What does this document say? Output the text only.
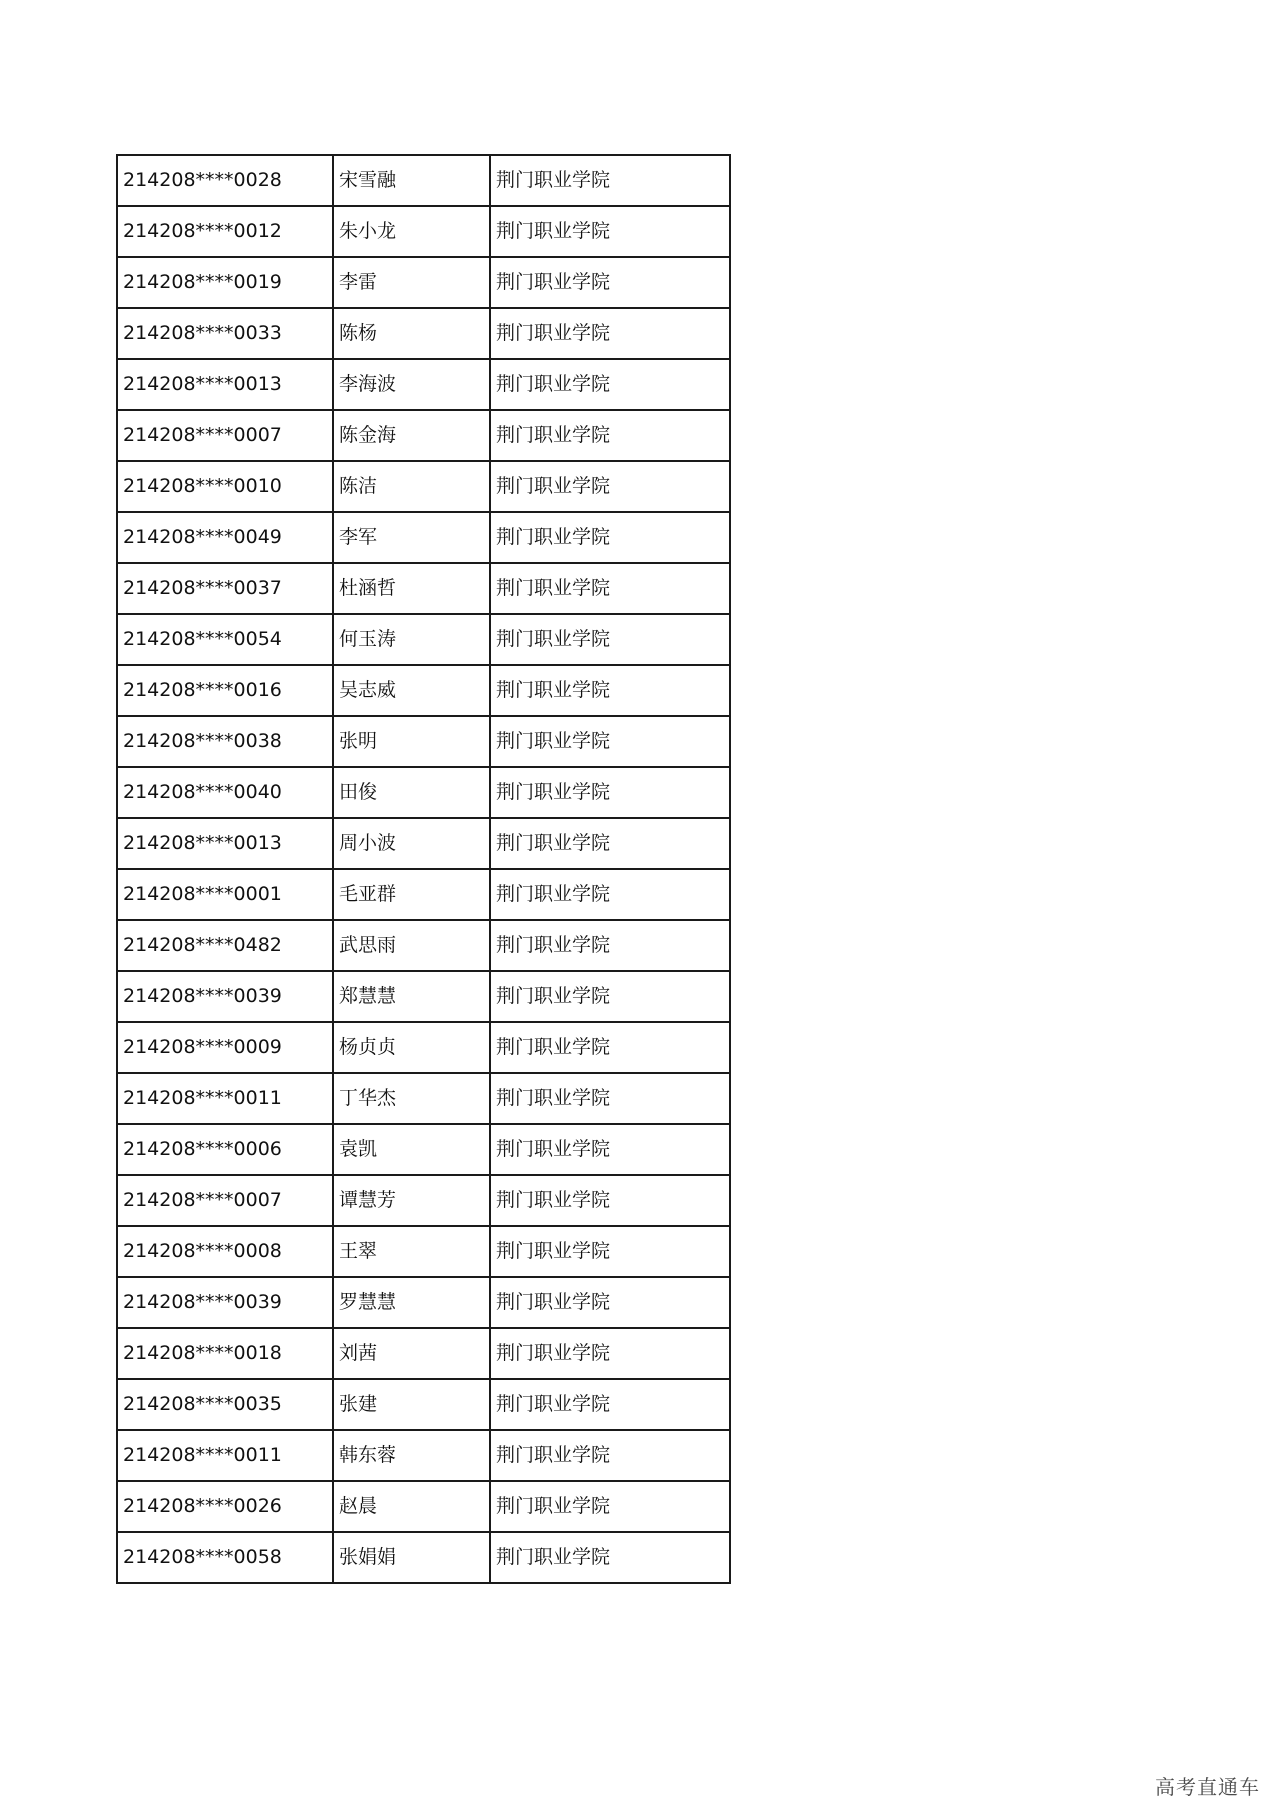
214208****0028	宋雪融	荆门职业学院
214208****0012	朱小龙	荆门职业学院
214208****0019	李雷	荆门职业学院
214208****0033	陈杨	荆门职业学院
214208****0013	李海波	荆门职业学院
214208****0007	陈金海	荆门职业学院
214208****0010	陈洁	荆门职业学院
214208****0049	李军	荆门职业学院
214208****0037	杜涵哲	荆门职业学院
214208****0054	何玉涛	荆门职业学院
214208****0016	吴志威	荆门职业学院
214208****0038	张明	荆门职业学院
214208****0040	田俊	荆门职业学院
214208****0013	周小波	荆门职业学院
214208****0001	毛亚群	荆门职业学院
214208****0482	武思雨	荆门职业学院
214208****0039	郑慧慧	荆门职业学院
214208****0009	杨贞贞	荆门职业学院
214208****0011	丁华杰	荆门职业学院
214208****0006	袁凯	荆门职业学院
214208****0007	谭慧芳	荆门职业学院
214208****0008	王翠	荆门职业学院
214208****0039	罗慧慧	荆门职业学院
214208****0018	刘茜	荆门职业学院
214208****0035	张建	荆门职业学院
214208****0011	韩东蓉	荆门职业学院
214208****0026	赵晨	荆门职业学院
214208****0058	张娟娟	荆门职业学院
高考直通车
